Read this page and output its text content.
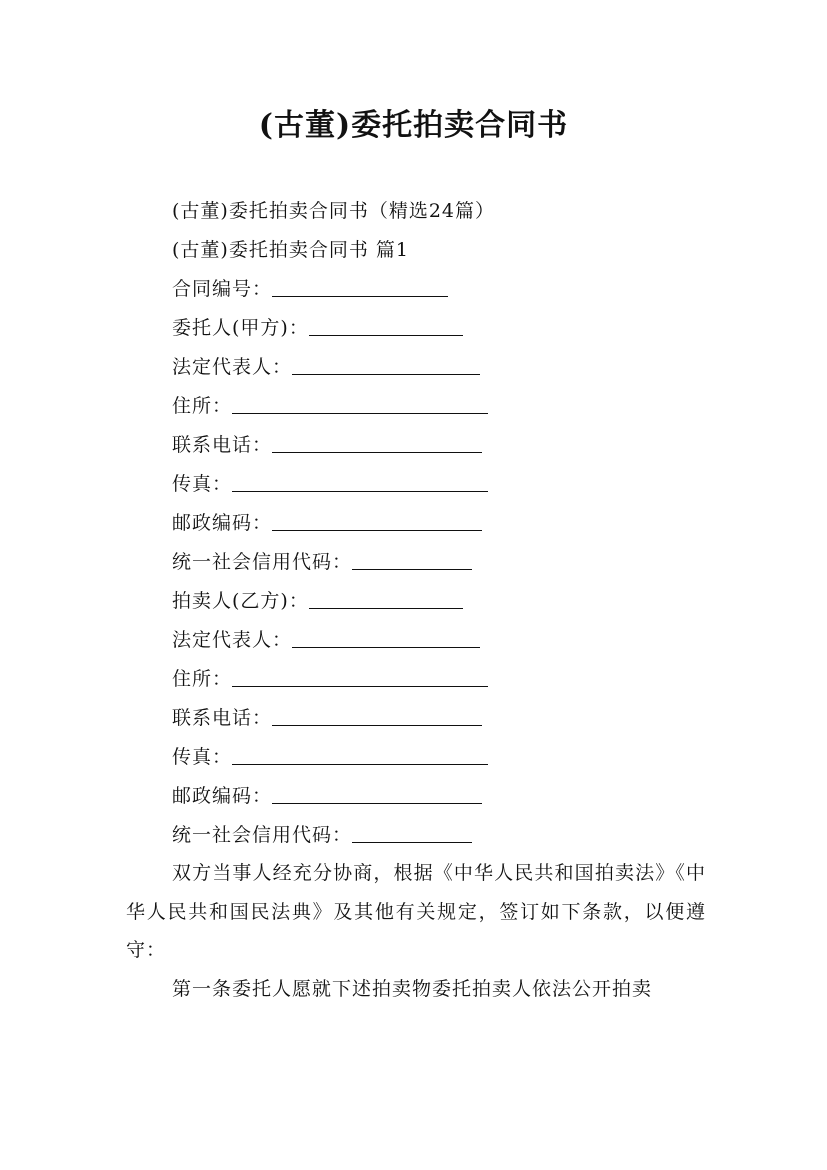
(古董)委托拍卖合同书
(古董)委托拍卖合同书（精选24篇）
(古董)委托拍卖合同书 篇1
合同编号：
委托人(甲方)：
法定代表人：
住所：
联系电话：
传真：
邮政编码：
统一社会信用代码：
拍卖人(乙方)：
法定代表人：
住所：
联系电话：
传真：
邮政编码：
统一社会信用代码：
双方当事人经充分协商，根据《中华人民共和国拍卖法》《中华人民共和国民法典》及其他有关规定，签订如下条款，以便遵守：
第一条委托人愿就下述拍卖物委托拍卖人依法公开拍卖
